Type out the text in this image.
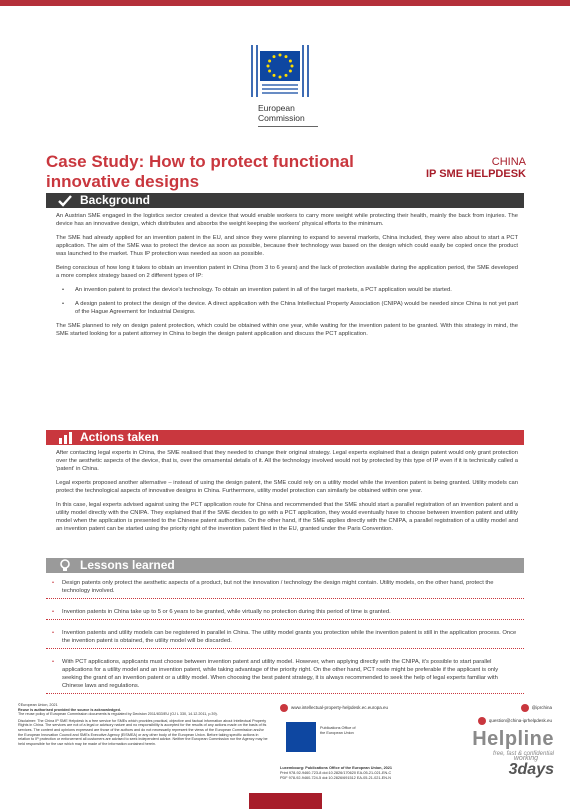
European
Commission
Case Study: How to protect functional
innovative designs
CHINA
IP SME HELPDESK
Background

An Austrian SME engaged in the logistics sector created a device that would enable workers to carry more weight while protecting their health, mainly the back from injuries. The device has an innovative design, which distributes and absorbs the weight keeping the workers' physical efforts to the minimum.

The SME had already applied for an invention patent in the EU, and since they were planning to expand to several markets, China included, they were also about to start a PCT application. The aim of the SME was to protect the device as soon as possible, because their technology was based on the design which could easily be copied once the product was launched to the market. Thus IP protection was needed as soon as possible.

Being conscious of how long it takes to obtain an invention patent in China (from 3 to 6 years) and the lack of protection available during the application period, the SME developed a more complex strategy based on 2 different types of IP:

• An invention patent to protect the device's technology. To obtain an invention patent in all of the target markets, a PCT application would be started.

• A design patent to protect the design of the device. A direct application with the China Intellectual Property Association (CNIPA) would be needed since China is not yet part of the Hague Agreement for Industrial Designs.

The SME planned to rely on design patent protection, which could be obtained within one year, while waiting for the invention patent to be granted. With this strategy in mind, the SME started looking for a patent attorney in China to begin the design patent application and discuss the PCT application.

Actions taken

After contacting legal experts in China, the SME realised that they needed to change their original strategy. Legal experts explained that a design patent would only grant protection over the aesthetic aspects of the device, that is, over the ornamental details of it. All the technology involved would not by protected by this type of IP even if it is technically called a 'patent' in China.

Legal experts proposed another alternative – instead of using the design patent, the SME could rely on a utility model while the invention patent is being granted. Utility models can protect the technological aspects of innovative designs in China. Furthermore, utility model protection can similarly be obtained within one year.

In this case, legal experts advised against using the PCT application route for China and recommended that the SME should start a parallel registration of an invention patent and a utility model directly with the CNIPA. They explained that if the SME decides to go with a PCT application, they would eventually have to choose between invention patent and utility model when the application is presented to the Chinese patent authorities. On the other hand, if the SME applies directly with the CNIPA, a parallel registration of a utility model and an invention patent can be started using the priority right of the invention patent filed in the EU, granted under the Paris Convention.

Lessons learned
• Design patents only protect the aesthetic aspects of a product, but not the innovation / technology the design might contain. Utility models, on the other hand, protect the technology involved.
• Invention patents in China take up to 5 or 6 years to be granted, while virtually no protection during this period of time is granted.
• Invention patents and utility models can be registered in parallel in China. The utility model grants you protection while the invention patent is still in the application process. Once the invention patent is obtained, the utility model will be discarded.
• With PCT applications, applicants must choose between invention patent and utility model. However, when applying directly with the CNIPA, it's possible to start parallel applications for a utility model and an invention patent, while taking advantage of the priority right. On the other hand, PCT route might be preferable if the applicant is only seeking the grant of an invention patent or a utility model. When choosing the best patent strategy, it is always recommended to seek the help of legal experts familiar with Chinese laws and regulations.
©European Union, 2021
Reuse is authorised provided the source is acknowledged.
The reuse policy of European Commission documents is regulated by Decision 2011/833/EU (OJ L 330, 14.12.2011, p.39).
Disclaimer: The China IP SME Helpdesk is a free service for SMEs which provides practical, objective and factual information about Intellectual Property Rights in China. The services are not of a legal or advisory nature and no responsibility is accepted for the results of any actions made on the basis of its services. The content and opinions expressed are those of the authors and do not necessarily represent the views of the European Commission and/or the European Innovation Council and SMEs Executive Agency (EISMEA) or any other body of the European Union. Before taking specific actions in relation to IP protection or enforcement all customers are advised to seek independent advice. Neither the European Commission nor the Agency may be held responsible for the use which may be made of the information contained herein.
www.intellectual-property-helpdesk.ec.europa.eu	@iprchina
question@china-iprhelpdesk.eu
Publications Office of the European Union
Luxembourg: Publications Office of the European Union, 2021
Print 978-92-9460-723-8 doi:10.2826/170620 EA-05-21-021-EN-C
PDF 978-92-9460-724-5 doi:10.2826/691512 EA-05-21-021-EN-N
Helpline
free, fast & confidential
working
3days
